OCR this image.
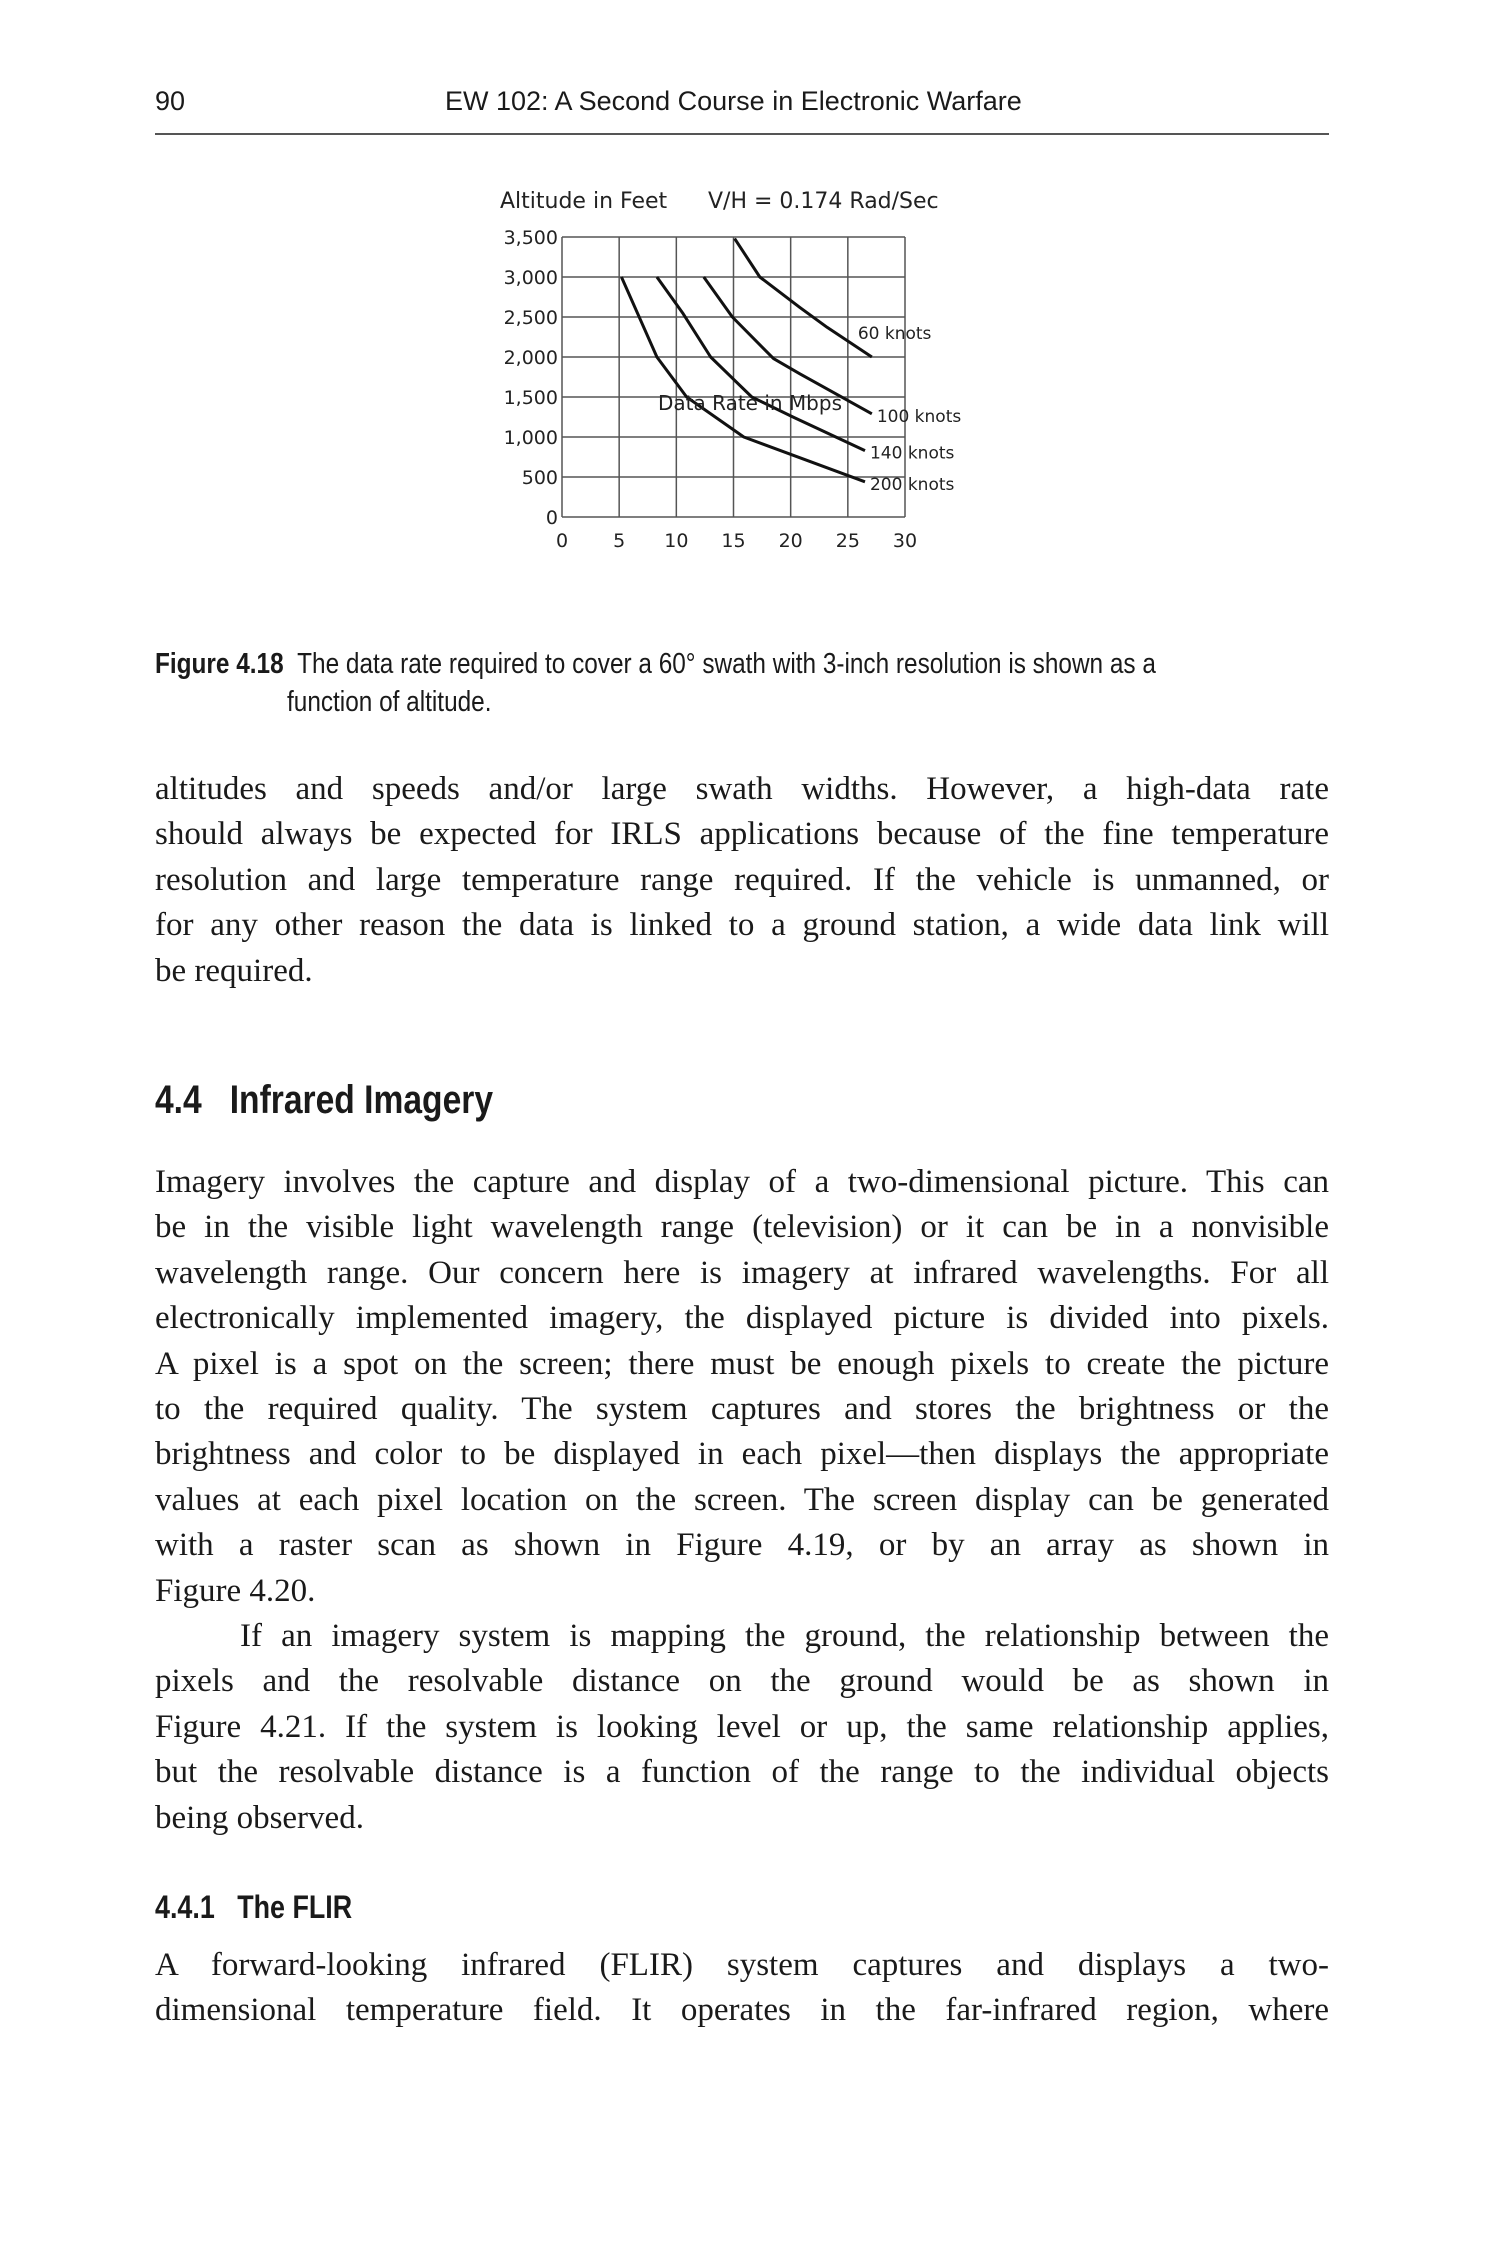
90	EW 102: A Second Course in Electronic Warfare
Altitude in Feet V/H = 0.174 Rad/Sec
0 5 10 15 20 25 30
0
500
1,000
1,500
2,000
2,500
3,000
3,500
60 knots
100 knots
140 knots
200 knots
Data Rate in Mbps
Figure 4.18 The data rate required to cover a 60° swath with 3-inch resolution is shown as a
function of altitude.
altitudes and speeds and/or large swath widths. However, a high-data rate
should always be expected for IRLS applications because of the fine temperature
resolution and large temperature range required. If the vehicle is unmanned, or
for any other reason the data is linked to a ground station, a wide data link will
be required.
4.4 Infrared Imagery
Imagery involves the capture and display of a two-dimensional picture. This can
be in the visible light wavelength range (television) or it can be in a nonvisible
wavelength range. Our concern here is imagery at infrared wavelengths. For all
electronically implemented imagery, the displayed picture is divided into pixels.
A pixel is a spot on the screen; there must be enough pixels to create the picture
to the required quality. The system captures and stores the brightness or the
brightness and color to be displayed in each pixel—then displays the appropriate
values at each pixel location on the screen. The screen display can be generated
with a raster scan as shown in Figure 4.19, or by an array as shown in
Figure 4.20.
If an imagery system is mapping the ground, the relationship between the
pixels and the resolvable distance on the ground would be as shown in
Figure 4.21. If the system is looking level or up, the same relationship applies,
but the resolvable distance is a function of the range to the individual objects
being observed.
4.4.1 The FLIR
A forward-looking infrared (FLIR) system captures and displays a two-
dimensional temperature field. It operates in the far-infrared region, where
